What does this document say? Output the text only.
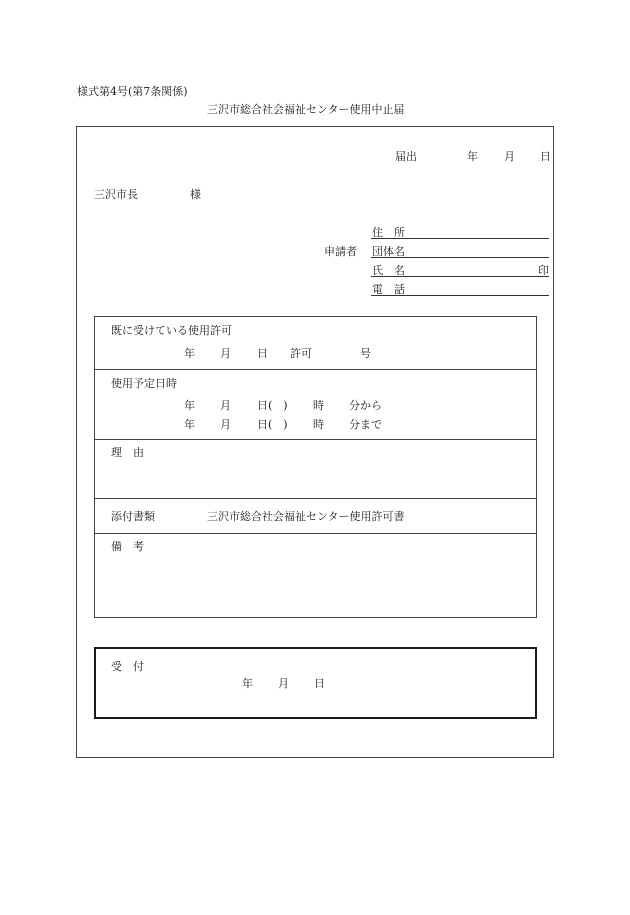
様式第4号(第7条関係)
三沢市総合社会福祉センター使用中止届
届出	年 月 日
三沢市長	様
申請者
住　所
団体名
氏　名	印
電　話
既に受けている使用許可
年 月 日 許可	号
使用予定日時
年 月 日(　) 時 分から
年 月 日(　) 時 分まで
理　由
添付書類	三沢市総合社会福祉センター使用許可書
備　考
受　付
年 月 日
